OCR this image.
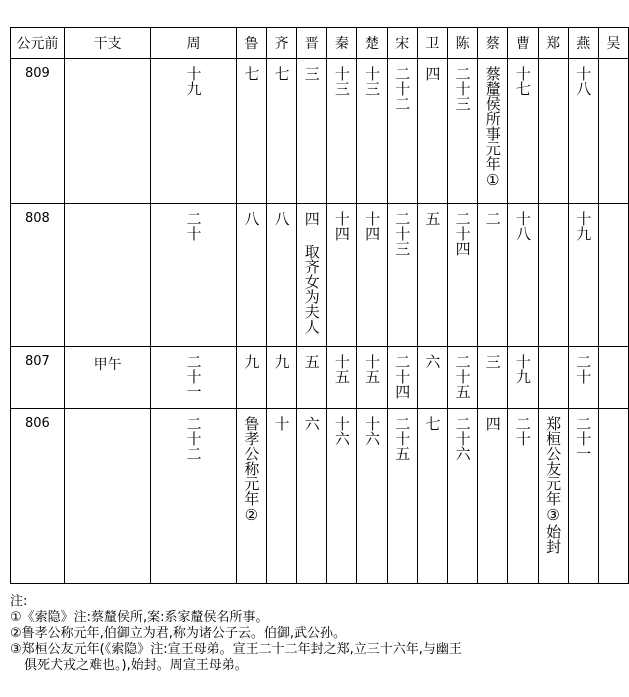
公元前	干支	周	鲁	齐	晋	秦	楚	宋	卫	陈	蔡	曹	郑	燕	吴
809		十九	七	七	三	十三	十三	二十二	四	二十三	蔡釐侯所事元年①	十七		十八	
808		二十	八	八	四 取齐女为夫人	十四	十四	二十三	五	二十四	二	十八		十九	
807	甲午	二十一	九	九	五	十五	十五	二十四	六	二十五	三	十九		二十	
806		二十二	鲁孝公称元年②	十	六	十六	十六	二十五	七	二十六	四	二十	郑桓公友元年③始封	二十一	
注:
①《索隐》注:蔡釐侯所,案:系家釐侯名所事。
②鲁孝公称元年,伯御立为君,称为诸公子云。伯御,武公孙。
③郑桓公友元年(《索隐》注:宣王母弟。宣王二十二年封之郑,立三十六年,与幽王
俱死犬戎之难也。),始封。周宣王母弟。
